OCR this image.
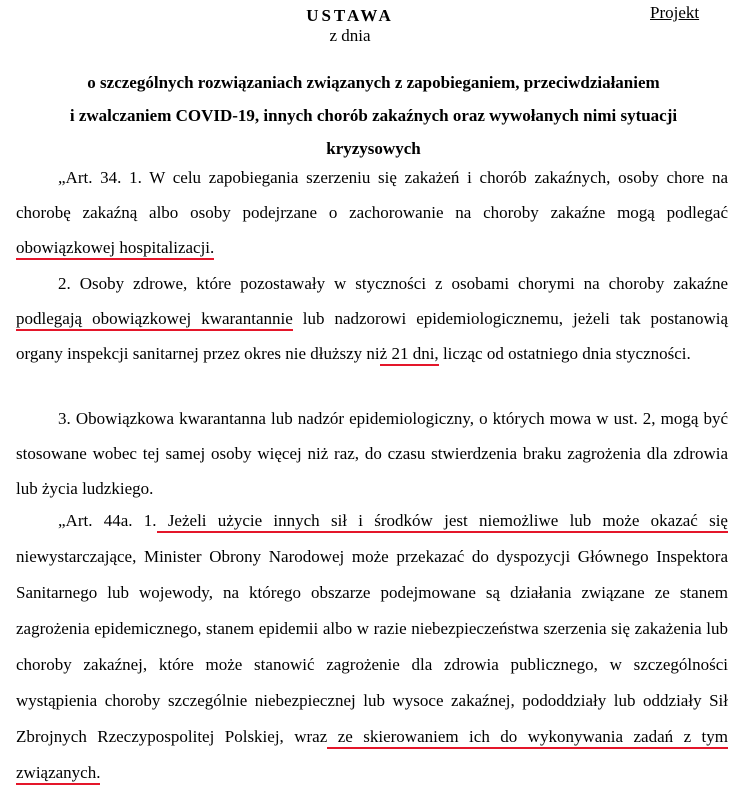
USTAWA
z dnia
Projekt
o szczególnych rozwiązaniach związanych z zapobieganiem, przeciwdziałaniem
i zwalczaniem COVID-19, innych chorób zakaźnych oraz wywołanych nimi sytuacji
kryzysowych
„Art. 34. 1. W celu zapobiegania szerzeniu się zakażeń i chorób zakaźnych, osoby chore na chorobę zakaźną albo osoby podejrzane o zachorowanie na choroby zakaźne mogą podlegać obowiązkowej hospitalizacji.
2. Osoby zdrowe, które pozostawały w styczności z osobami chorymi na choroby zakaźne podlegają obowiązkowej kwarantannie lub nadzorowi epidemiologicznemu, jeżeli tak postanowią organy inspekcji sanitarnej przez okres nie dłuższy niż 21 dni, licząc od ostatniego dnia styczności.
3. Obowiązkowa kwarantanna lub nadzór epidemiologiczny, o których mowa w ust. 2, mogą być stosowane wobec tej samej osoby więcej niż raz, do czasu stwierdzenia braku zagrożenia dla zdrowia lub życia ludzkiego.
„Art. 44a. 1. Jeżeli użycie innych sił i środków jest niemożliwe lub może okazać się niewystarczające, Minister Obrony Narodowej może przekazać do dyspozycji Głównego Inspektora Sanitarnego lub wojewody, na którego obszarze podejmowane są działania związane ze stanem zagrożenia epidemicznego, stanem epidemii albo w razie niebezpieczeństwa szerzenia się zakażenia lub choroby zakaźnej, które może stanowić zagrożenie dla zdrowia publicznego, w szczególności wystąpienia choroby szczególnie niebezpiecznej lub wysoce zakaźnej, pododdziały lub oddziały Sił Zbrojnych Rzeczypospolitej Polskiej, wraz ze skierowaniem ich do wykonywania zadań z tym związanych.
